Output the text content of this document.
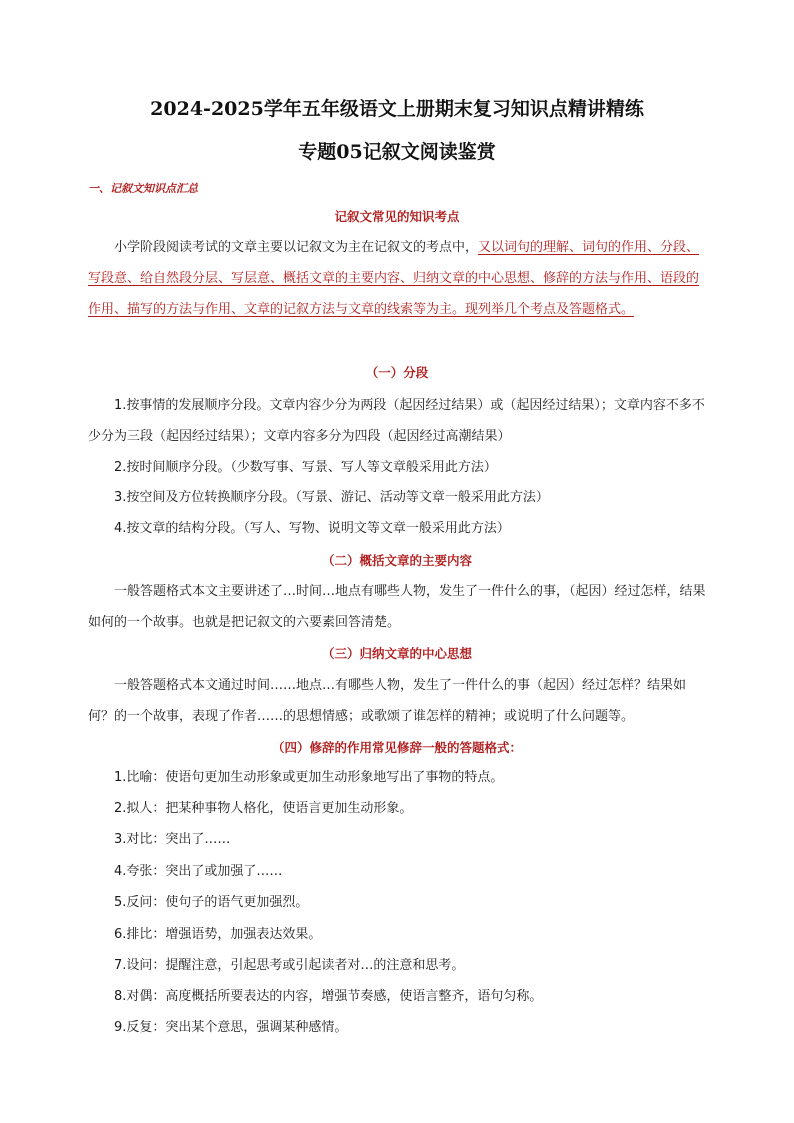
2024-2025学年五年级语文上册期末复习知识点精讲精练
专题05记叙文阅读鉴赏
一、记叙文知识点汇总
记叙文常见的知识考点
小学阶段阅读考试的文章主要以记叙文为主在记叙文的考点中，又以词句的理解、词句的作用、分段、写段意、给自然段分层、写层意、概括文章的主要内容、归纳文章的中心思想、修辞的方法与作用、语段的作用、描写的方法与作用、文章的记叙方法与文章的线索等为主。现列举几个考点及答题格式。
（一）分段
1.按事情的发展顺序分段。文章内容少分为两段（起因经过结果）或（起因经过结果）；文章内容不多不少分为三段（起因经过结果）；文章内容多分为四段（起因经过高潮结果）
2.按时间顺序分段。（少数写事、写景、写人等文章般采用此方法）
3.按空间及方位转换顺序分段。（写景、游记、活动等文章一般采用此方法）
4.按文章的结构分段。（写人、写物、说明文等文章一般采用此方法）
（二）概括文章的主要内容
一般答题格式本文主要讲述了…时间…地点有哪些人物，发生了一件什么的事，（起因）经过怎样，结果如何的一个故事。也就是把记叙文的六要素回答清楚。
（三）归纳文章的中心思想
一般答题格式本文通过时间……地点…有哪些人物，发生了一件什么的事（起因）经过怎样？结果如何？的一个故事，表现了作者……的思想情感；或歌颂了谁怎样的精神；或说明了什么问题等。
（四）修辞的作用常见修辞一般的答题格式：
1.比喻：使语句更加生动形象或更加生动形象地写出了事物的特点。
2.拟人：把某种事物人格化，使语言更加生动形象。
3.对比：突出了……
4.夸张：突出了或加强了……
5.反问：使句子的语气更加强烈。
6.排比：增强语势，加强表达效果。
7.设问：提醒注意，引起思考或引起读者对…的注意和思考。
8.对偶：高度概括所要表达的内容，增强节奏感，使语言整齐，语句匀称。
9.反复：突出某个意思，强调某种感情。
